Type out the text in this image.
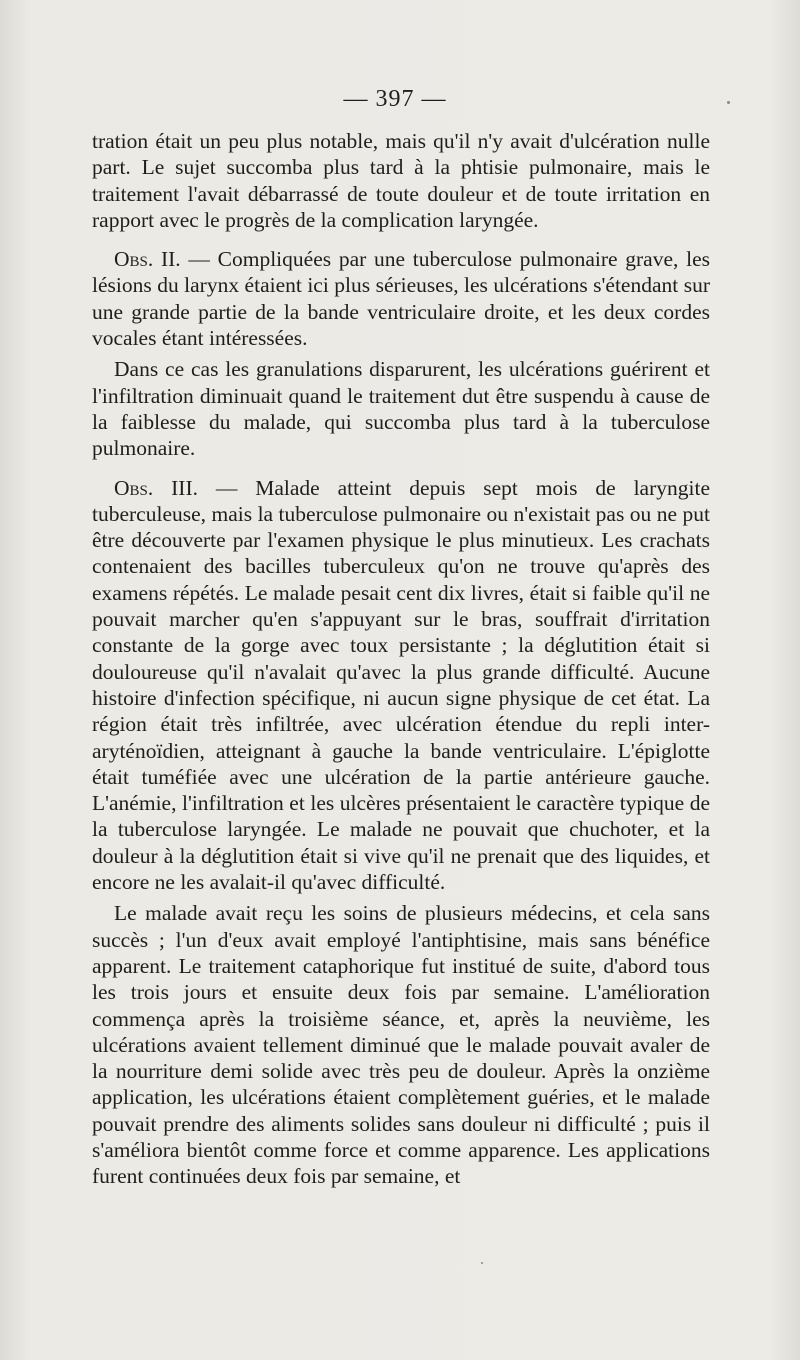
— 397 —

tration était un peu plus notable, mais qu'il n'y avait d'ulcération nulle part. Le sujet succomba plus tard à la phtisie pulmonaire, mais le traitement l'avait débarrassé de toute douleur et de toute irritation en rapport avec le progrès de la complication laryngée.

Obs. II. — Compliquées par une tuberculose pulmonaire grave, les lésions du larynx étaient ici plus sérieuses, les ulcérations s'étendant sur une grande partie de la bande ventriculaire droite, et les deux cordes vocales étant intéressées.

Dans ce cas les granulations disparurent, les ulcérations guérirent et l'infiltration diminuait quand le traitement dut être suspendu à cause de la faiblesse du malade, qui succomba plus tard à la tuberculose pulmonaire.

Obs. III. — Malade atteint depuis sept mois de laryngite tuberculeuse, mais la tuberculose pulmonaire ou n'existait pas ou ne put être découverte par l'examen physique le plus minutieux. Les crachats contenaient des bacilles tuberculeux qu'on ne trouve qu'après des examens répétés. Le malade pesait cent dix livres, était si faible qu'il ne pouvait marcher qu'en s'appuyant sur le bras, souffrait d'irritation constante de la gorge avec toux persistante ; la déglutition était si douloureuse qu'il n'avalait qu'avec la plus grande difficulté. Aucune histoire d'infection spécifique, ni aucun signe physique de cet état. La région était très infiltrée, avec ulcération étendue du repli inter-aryténoïdien, atteignant à gauche la bande ventriculaire. L'épiglotte était tuméfiée avec une ulcération de la partie antérieure gauche. L'anémie, l'infiltration et les ulcères présentaient le caractère typique de la tuberculose laryngée. Le malade ne pouvait que chuchoter, et la douleur à la déglutition était si vive qu'il ne prenait que des liquides, et encore ne les avalait-il qu'avec difficulté.

Le malade avait reçu les soins de plusieurs médecins, et cela sans succès ; l'un d'eux avait employé l'antiphtisine, mais sans bénéfice apparent. Le traitement cataphorique fut institué de suite, d'abord tous les trois jours et ensuite deux fois par semaine. L'amélioration commença après la troisième séance, et, après la neuvième, les ulcérations avaient tellement diminué que le malade pouvait avaler de la nourriture demi solide avec très peu de douleur. Après la onzième application, les ulcérations étaient complètement guéries, et le malade pouvait prendre des aliments solides sans douleur ni difficulté ; puis il s'améliora bientôt comme force et comme apparence. Les applications furent continuées deux fois par semaine, et
